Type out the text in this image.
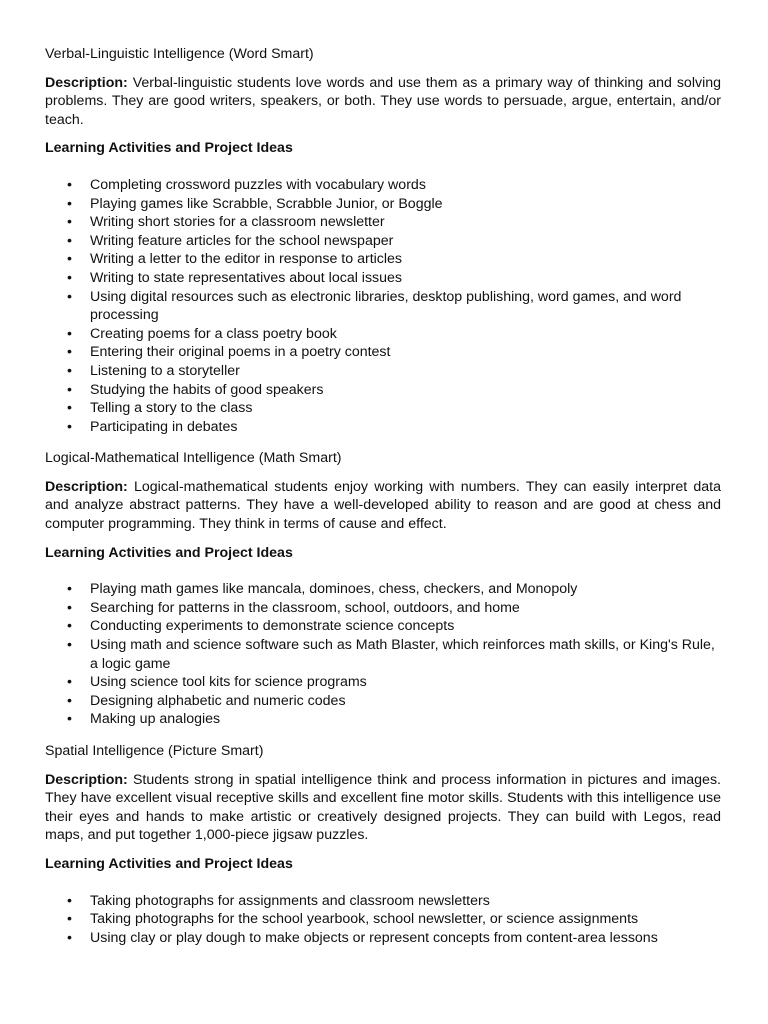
Verbal-Linguistic Intelligence (Word Smart)

Description: Verbal-linguistic students love words and use them as a primary way of thinking and solving problems. They are good writers, speakers, or both. They use words to persuade, argue, entertain, and/or teach.

Learning Activities and Project Ideas

• Completing crossword puzzles with vocabulary words
• Playing games like Scrabble, Scrabble Junior, or Boggle
• Writing short stories for a classroom newsletter
• Writing feature articles for the school newspaper
• Writing a letter to the editor in response to articles
• Writing to state representatives about local issues
• Using digital resources such as electronic libraries, desktop publishing, word games, and word processing
• Creating poems for a class poetry book
• Entering their original poems in a poetry contest
• Listening to a storyteller
• Studying the habits of good speakers
• Telling a story to the class
• Participating in debates

Logical-Mathematical Intelligence (Math Smart)

Description: Logical-mathematical students enjoy working with numbers. They can easily interpret data and analyze abstract patterns. They have a well-developed ability to reason and are good at chess and computer programming. They think in terms of cause and effect.

Learning Activities and Project Ideas

• Playing math games like mancala, dominoes, chess, checkers, and Monopoly
• Searching for patterns in the classroom, school, outdoors, and home
• Conducting experiments to demonstrate science concepts
• Using math and science software such as Math Blaster, which reinforces math skills, or King's Rule, a logic game
• Using science tool kits for science programs
• Designing alphabetic and numeric codes
• Making up analogies

Spatial Intelligence (Picture Smart)

Description: Students strong in spatial intelligence think and process information in pictures and images. They have excellent visual receptive skills and excellent fine motor skills. Students with this intelligence use their eyes and hands to make artistic or creatively designed projects. They can build with Legos, read maps, and put together 1,000-piece jigsaw puzzles.

Learning Activities and Project Ideas

• Taking photographs for assignments and classroom newsletters
• Taking photographs for the school yearbook, school newsletter, or science assignments
• Using clay or play dough to make objects or represent concepts from content-area lessons
